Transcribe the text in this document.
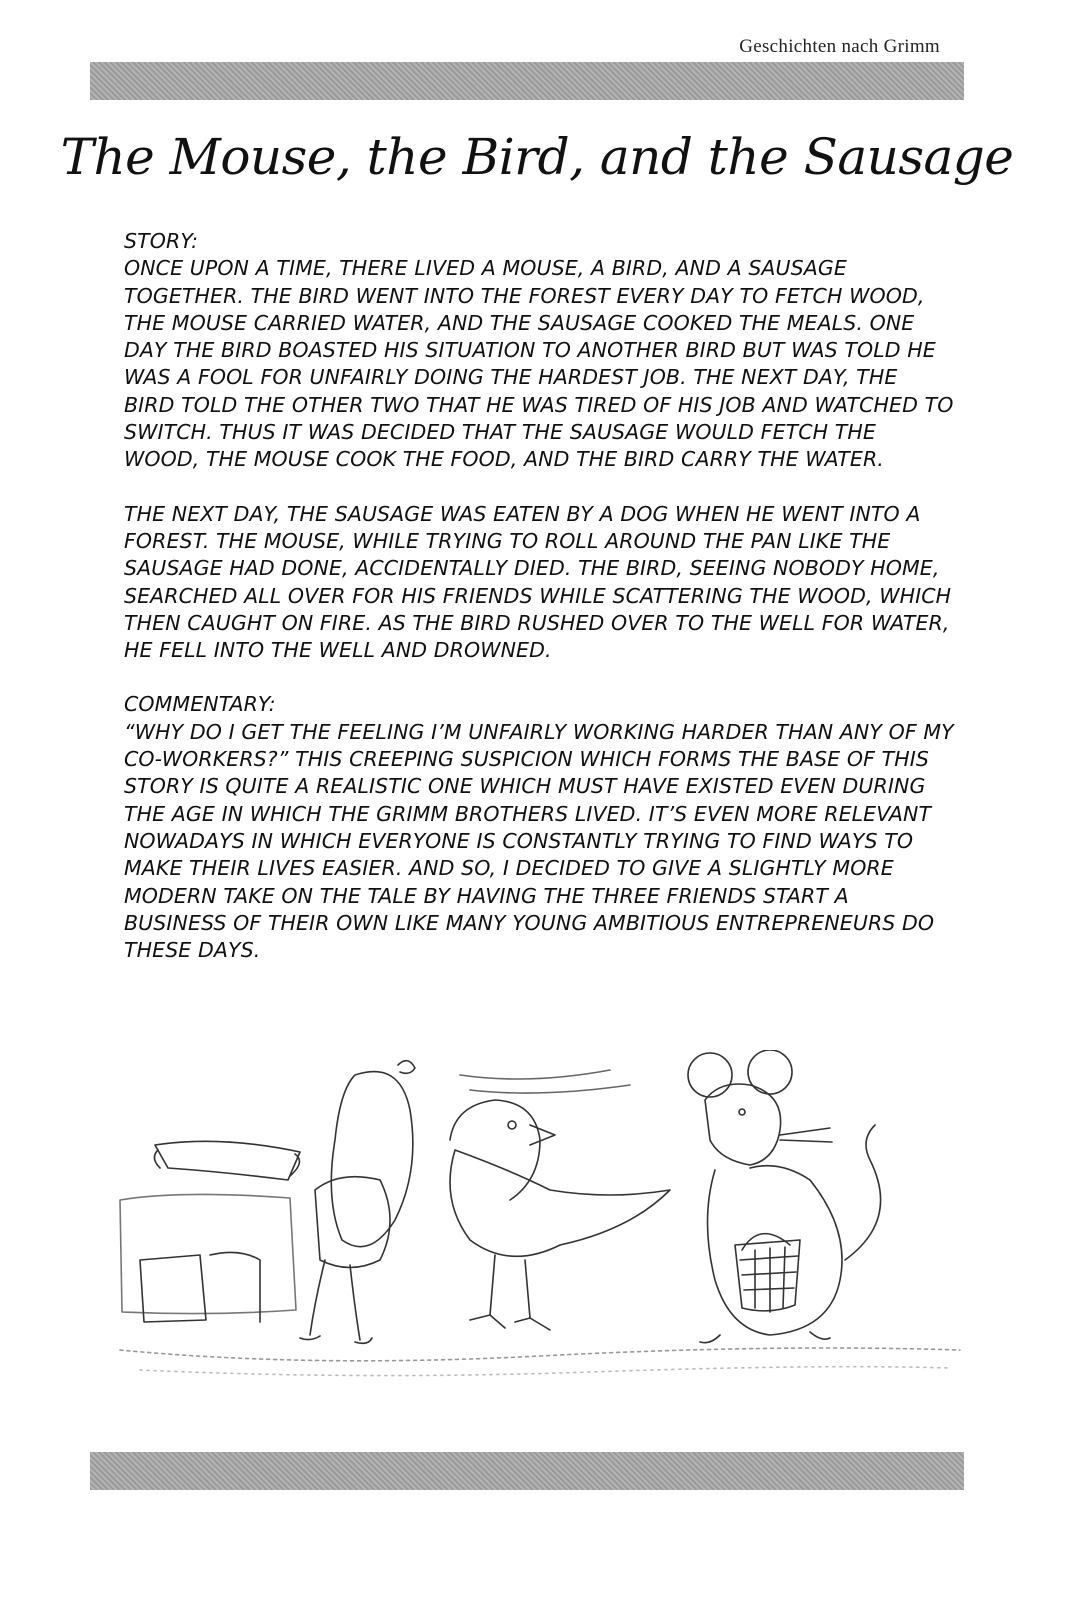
Geschichten nach Grimm
The Mouse, the Bird, and the Sausage

STORY:

ONCE UPON A TIME, THERE LIVED A MOUSE, A BIRD, AND A SAUSAGE TOGETHER. THE BIRD WENT INTO THE FOREST EVERY DAY TO FETCH WOOD, THE MOUSE CARRIED WATER, AND THE SAUSAGE COOKED THE MEALS. ONE DAY THE BIRD BOASTED HIS SITUATION TO ANOTHER BIRD BUT WAS TOLD HE WAS A FOOL FOR UNFAIRLY DOING THE HARDEST JOB. THE NEXT DAY, THE BIRD TOLD THE OTHER TWO THAT HE WAS TIRED OF HIS JOB AND WATCHED TO SWITCH. THUS IT WAS DECIDED THAT THE SAUSAGE WOULD FETCH THE WOOD, THE MOUSE COOK THE FOOD, AND THE BIRD CARRY THE WATER.

THE NEXT DAY, THE SAUSAGE WAS EATEN BY A DOG WHEN HE WENT INTO A FOREST. THE MOUSE, WHILE TRYING TO ROLL AROUND THE PAN LIKE THE SAUSAGE HAD DONE, ACCIDENTALLY DIED. THE BIRD, SEEING NOBODY HOME, SEARCHED ALL OVER FOR HIS FRIENDS WHILE SCATTERING THE WOOD, WHICH THEN CAUGHT ON FIRE. AS THE BIRD RUSHED OVER TO THE WELL FOR WATER, HE FELL INTO THE WELL AND DROWNED.

COMMENTARY:

“WHY DO I GET THE FEELING I’M UNFAIRLY WORKING HARDER THAN ANY OF MY CO-WORKERS?” THIS CREEPING SUSPICION WHICH FORMS THE BASE OF THIS STORY IS QUITE A REALISTIC ONE WHICH MUST HAVE EXISTED EVEN DURING THE AGE IN WHICH THE GRIMM BROTHERS LIVED. IT’S EVEN MORE RELEVANT NOWADAYS IN WHICH EVERYONE IS CONSTANTLY TRYING TO FIND WAYS TO MAKE THEIR LIVES EASIER. AND SO, I DECIDED TO GIVE A SLIGHTLY MORE MODERN TAKE ON THE TALE BY HAVING THE THREE FRIENDS START A BUSINESS OF THEIR OWN LIKE MANY YOUNG AMBITIOUS ENTREPRENEURS DO THESE DAYS.
